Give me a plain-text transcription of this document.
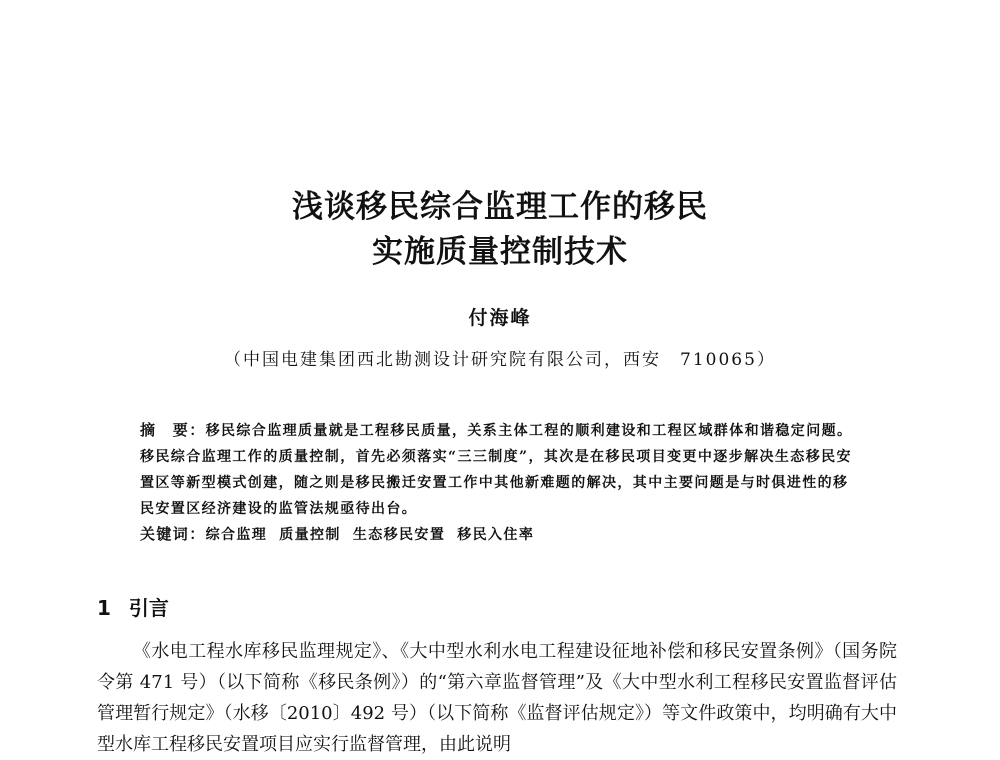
浅谈移民综合监理工作的移民
实施质量控制技术
付海峰
（中国电建集团西北勘测设计研究院有限公司，西安　710065）

摘　要：移民综合监理质量就是工程移民质量，关系主体工程的顺利建设和工程区域群体和谐稳定问题。移民综合监理工作的质量控制，首先必须落实“三三制度”，其次是在移民项目变更中逐步解决生态移民安置区等新型模式创建，随之则是移民搬迁安置工作中其他新难题的解决，其中主要问题是与时俱进性的移民安置区经济建设的监管法规亟待出台。

关键词：综合监理 质量控制 生态移民安置 移民入住率

1 引言

《水电工程水库移民监理规定》、《大中型水利水电工程建设征地补偿和移民安置条例》（国务院令第 471 号）（以下简称《移民条例》）的“第六章监督管理”及《大中型水利工程移民安置监督评估管理暂行规定》（水移〔2010〕492 号）（以下简称《监督评估规定》）等文件政策中，均明确有大中型水库工程移民安置项目应实行监督管理，由此说明
